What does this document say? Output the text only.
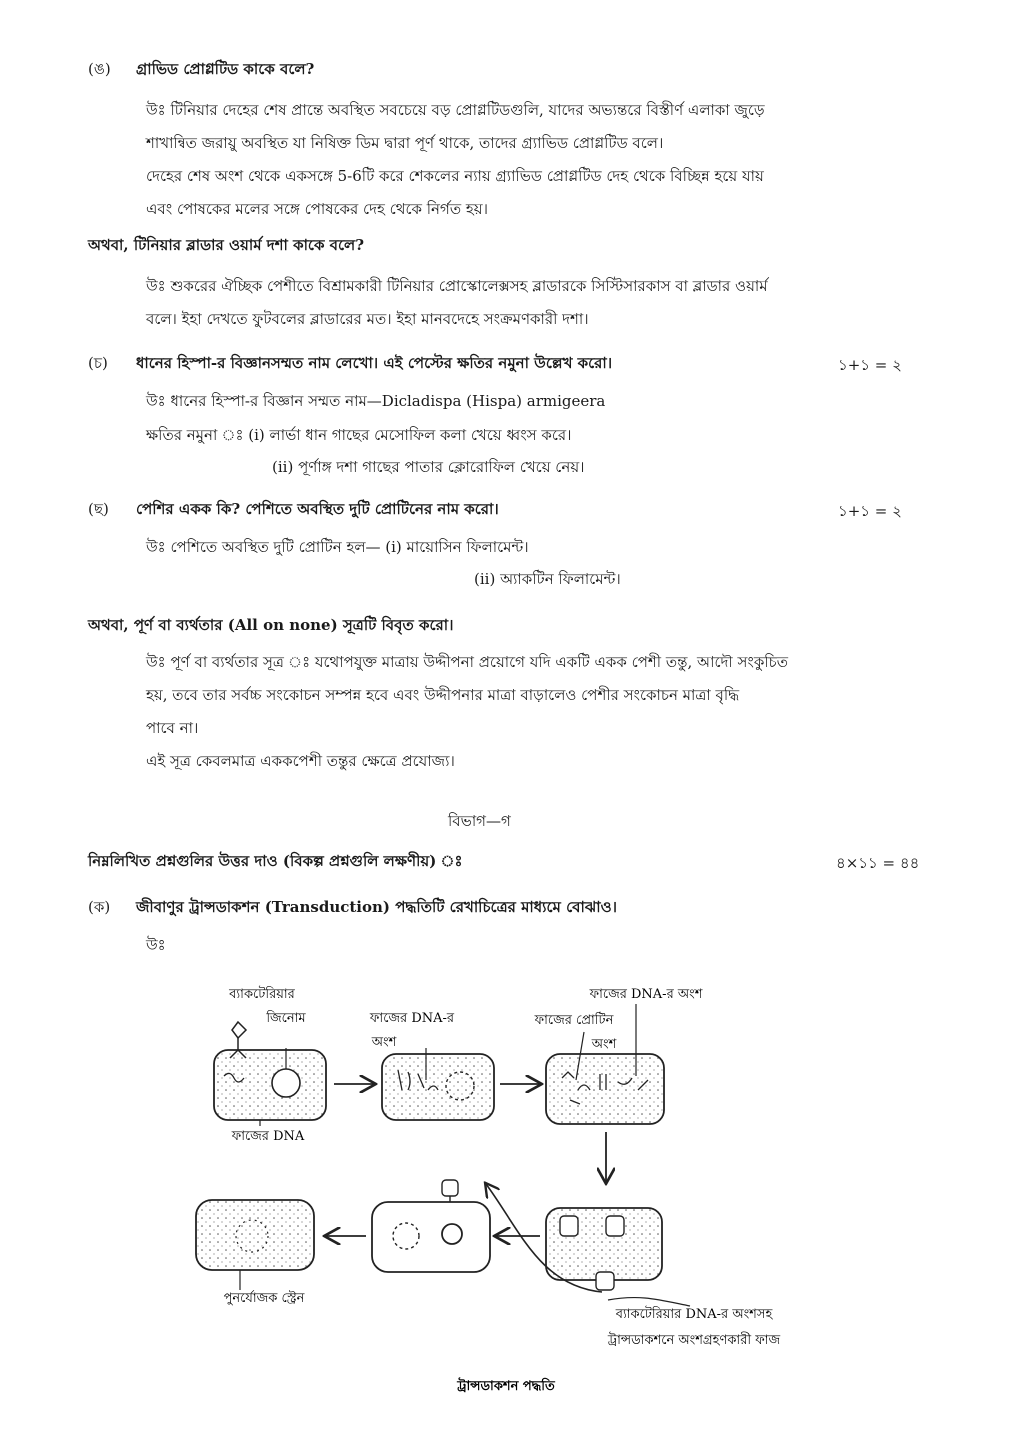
(ঙ) গ্রাভিড প্রোগ্লটিড কাকে বলে?
উঃ টিনিয়ার দেহের শেষ প্রান্তে অবস্থিত সবচেয়ে বড় প্রোগ্লটিডগুলি, যাদের অভ্যন্তরে বিস্তীর্ণ এলাকা জুড়ে
শাখান্বিত জরায়ু অবস্থিত যা নিষিক্ত ডিম দ্বারা পূর্ণ থাকে, তাদের গ্র্যাভিড প্রোগ্লটিড বলে।
দেহের শেষ অংশ থেকে একসঙ্গে 5-6টি করে শেকলের ন্যায় গ্র্যাভিড প্রোগ্লটিড দেহ থেকে বিচ্ছিন্ন হয়ে যায়
এবং পোষকের মলের সঙ্গে পোষকের দেহ থেকে নির্গত হয়।
অথবা, টিনিয়ার ব্লাডার ওয়ার্ম দশা কাকে বলে?
উঃ শুকরের ঐচ্ছিক পেশীতে বিশ্রামকারী টিনিয়ার প্রোস্কোলেক্সসহ ব্লাডারকে সিস্টিসারকাস বা ব্লাডার ওয়ার্ম
বলে। ইহা দেখতে ফুটবলের ব্লাডারের মত। ইহা মানবদেহে সংক্রমণকারী দশা।
(চ) ধানের হিস্পা-র বিজ্ঞানসম্মত নাম লেখো। এই পেস্টের ক্ষতির নমুনা উল্লেখ করো।	১+১ = ২
উঃ ধানের হিস্পা-র বিজ্ঞান সম্মত নাম—Dicladispa (Hispa) armigeera
ক্ষতির নমুনা ঃ (i) লার্ভা ধান গাছের মেসোফিল কলা খেয়ে ধ্বংস করে।
(ii) পূর্ণাঙ্গ দশা গাছের পাতার ক্লোরোফিল খেয়ে নেয়।
(ছ) পেশির একক কি? পেশিতে অবস্থিত দুটি প্রোটিনের নাম করো।	১+১ = ২
উঃ পেশিতে অবস্থিত দুটি প্রোটিন হল— (i) মায়োসিন ফিলামেন্ট।
(ii) অ্যাকটিন ফিলামেন্ট।
অথবা, পূর্ণ বা ব্যর্থতার (All on none) সূত্রটি বিবৃত করো।
উঃ পূর্ণ বা ব্যর্থতার সূত্র ঃ যথোপযুক্ত মাত্রায় উদ্দীপনা প্রয়োগে যদি একটি একক পেশী তন্তু, আদৌ সংকুচিত
হয়, তবে তার সর্বচ্চ সংকোচন সম্পন্ন হবে এবং উদ্দীপনার মাত্রা বাড়ালেও পেশীর সংকোচন মাত্রা বৃদ্ধি
পাবে না।
এই সূত্র কেবলমাত্র এককপেশী তন্তুর ক্ষেত্রে প্রযোজ্য।
বিভাগ—গ
নিম্নলিখিত প্রশ্নগুলির উত্তর দাও (বিকল্প প্রশ্নগুলি লক্ষণীয়) ঃ	৪×১১ = ৪৪
(ক) জীবাণুর ট্রান্সডাকশন (Transduction) পদ্ধতিটি রেখাচিত্রের মাধ্যমে বোঝাও।
উঃ
ব্যাকটেরিয়ার
জিনোম
ফাজের DNA
ফাজের DNA-র
অংশ
ফাজের DNA-র অংশ
ফাজের প্রোটিন
অংশ
পুনর্যোজক স্ট্রেন
ব্যাকটেরিয়ার DNA-র অংশসহ
ট্রান্সডাকশনে অংশগ্রহণকারী ফাজ
ট্রান্সডাকশন পদ্ধতি
